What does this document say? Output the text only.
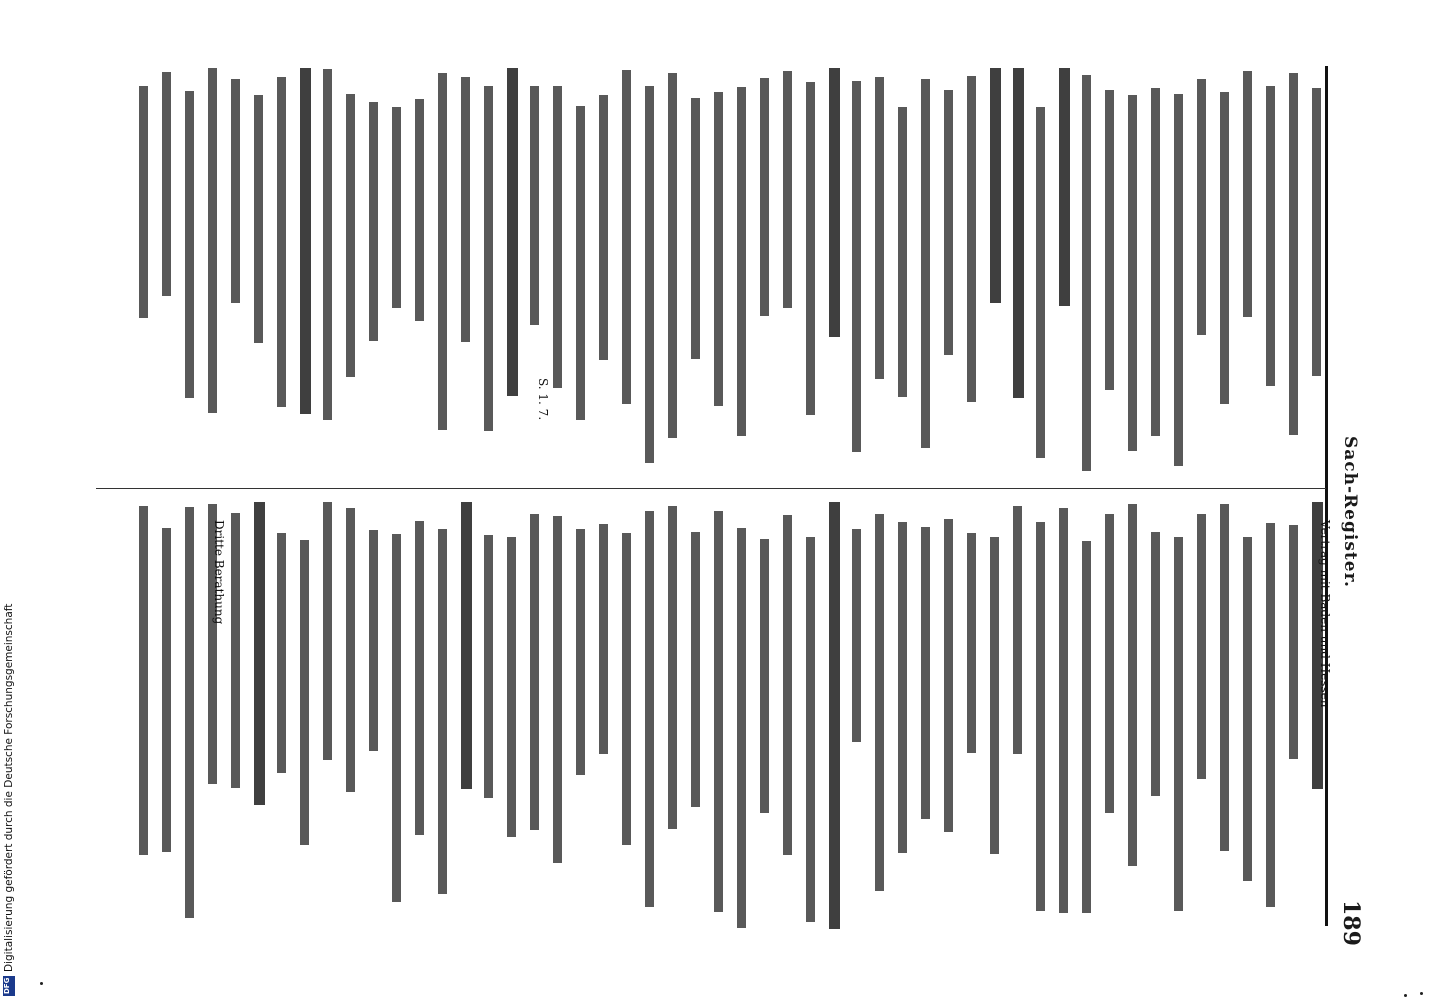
Sach-Register.
189
Vertrag mit Baden und Hessen
Dritte Berathung
S. 1. 7.
DFG
Digitalisierung gefördert durch die Deutsche Forschungsgemeinschaft
